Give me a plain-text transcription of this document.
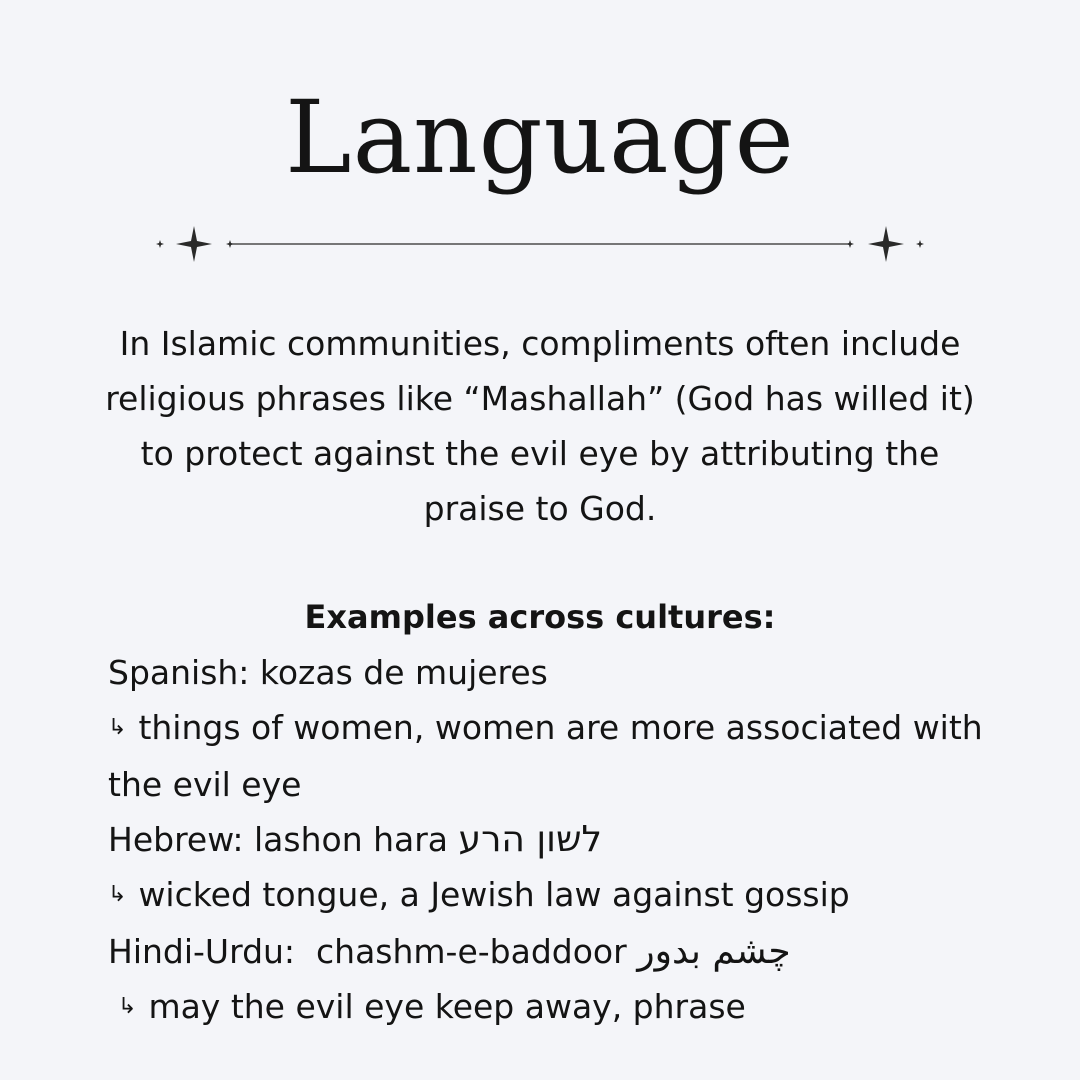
Language
In Islamic communities, compliments often include religious phrases like “Mashallah” (God has willed it) to protect against the evil eye by attributing the praise to God.
Examples across cultures:
Spanish: kozas de mujeres
↳ things of women, women are more associated with the evil eye
Hebrew: lashon hara לשון הרע
↳ wicked tongue, a Jewish law against gossip
Hindi-Urdu:  chashm-e-baddoor چشم بدور
↳ may the evil eye keep away, phrase
